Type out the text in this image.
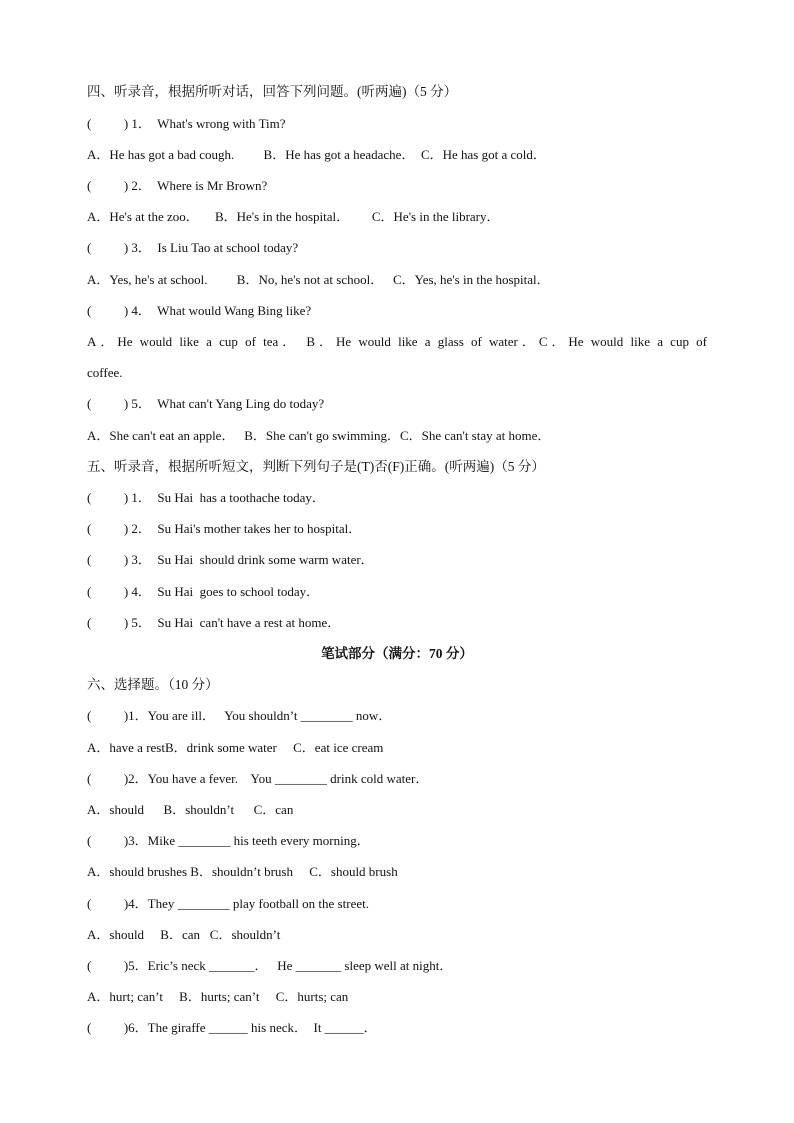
四、听录音，根据所听对话，回答下列问题。(听两遍)（5 分）
(          ) 1．  What's wrong with Tim?
A．He has got a bad cough.         B．He has got a headache．  C．He has got a cold．
(          ) 2．  Where is Mr Brown?
A．He's at the zoo．     B．He's in the hospital．       C．He's in the library．
(          ) 3．  Is Liu Tao at school today?
A．Yes, he's at school.         B．No, he's not at school．   C．Yes, he's in the hospital．
(          ) 4．  What would Wang Bing like?
A．He would like a cup of tea． B．He would like a glass of water．C．He would like a cup of
coffee.
(          ) 5．  What can't Yang Ling do today?
A．She can't eat an apple．   B．She can't go swimming．C．She can't stay at home．
五、听录音，根据所听短文，判断下列句子是(T)否(F)正确。(听两遍)（5 分）
(          ) 1．  Su Hai  has a toothache today．
(          ) 2．  Su Hai's mother takes her to hospital．
(          ) 3．  Su Hai  should drink some warm water．
(          ) 4．  Su Hai  goes to school today．
(          ) 5．  Su Hai  can't have a rest at home．
笔试部分（满分：70 分）
六、选择题。（10 分）
(          )1．You are ill．   You shouldn’t ________ now．
A．have a restB．drink some water     C．eat ice cream
(          )2．You have a fever.    You ________ drink cold water．
A．should      B．shouldn’t      C．can
(          )3．Mike ________ his teeth every morning．
A．should brushes B．shouldn’t brush     C．should brush
(          )4．They ________ play football on the street.
A．should     B．can   C．shouldn’t
(          )5．Eric’s neck _______．   He _______ sleep well at night．
A．hurt; can’t     B．hurts; can’t     C．hurts; can
(          )6．The giraffe ______ his neck．  It ______．
